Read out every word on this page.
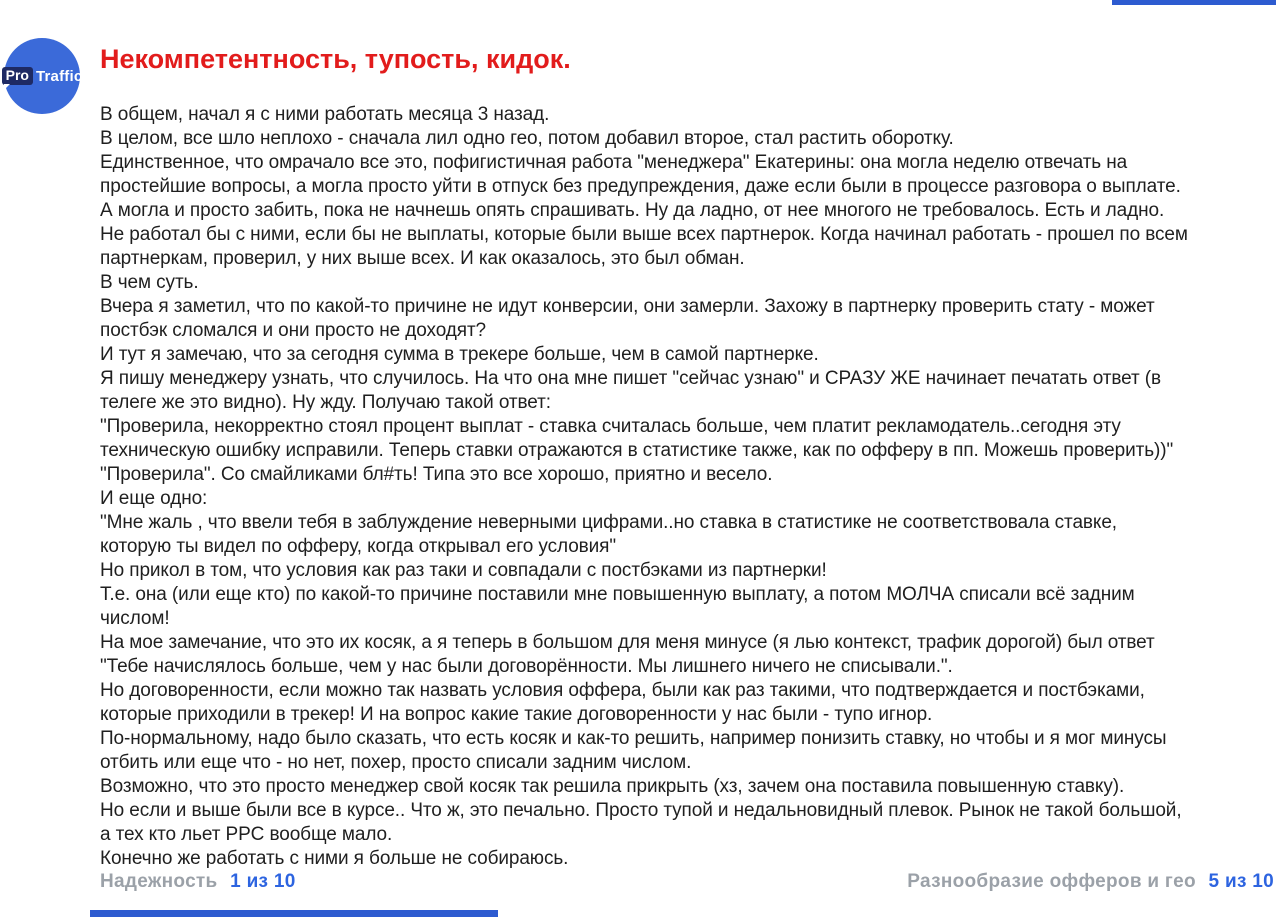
Pro Traffic
Некомпетентность, тупость, кидок.
В общем, начал я с ними работать месяца 3 назад.
В целом, все шло неплохо - сначала лил одно гео, потом добавил второе, стал растить оборотку.
Единственное, что омрачало все это, пофигистичная работа "менеджера" Екатерины: она могла неделю отвечать на
простейшие вопросы, а могла просто уйти в отпуск без предупреждения, даже если были в процессе разговора о выплате.
А могла и просто забить, пока не начнешь опять спрашивать. Ну да ладно, от нее многого не требовалось. Есть и ладно.
Не работал бы с ними, если бы не выплаты, которые были выше всех партнерок. Когда начинал работать - прошел по всем
партнеркам, проверил, у них выше всех. И как оказалось, это был обман.
В чем суть.
Вчера я заметил, что по какой-то причине не идут конверсии, они замерли. Захожу в партнерку проверить стату - может
постбэк сломался и они просто не доходят?
И тут я замечаю, что за сегодня сумма в трекере больше, чем в самой партнерке.
Я пишу менеджеру узнать, что случилось. На что она мне пишет "сейчас узнаю" и СРАЗУ ЖЕ начинает печатать ответ (в
телеге же это видно). Ну жду. Получаю такой ответ:
"Проверила, некорректно стоял процент выплат - ставка считалась больше, чем платит рекламодатель..сегодня эту
техническую ошибку исправили. Теперь ставки отражаются в статистике также, как по офферу в пп. Можешь проверить))"
"Проверила". Со смайликами бл#ть! Типа это все хорошо, приятно и весело.
И еще одно:
"Мне жаль , что ввели тебя в заблуждение неверными цифрами..но ставка в статистике не соответствовала ставке,
которую ты видел по офферу, когда открывал его условия"
Но прикол в том, что условия как раз таки и совпадали с постбэками из партнерки!
Т.е. она (или еще кто) по какой-то причине поставили мне повышенную выплату, а потом МОЛЧА списали всё задним
числом!
На мое замечание, что это их косяк, а я теперь в большом для меня минусе (я лью контекст, трафик дорогой) был ответ
"Тебе начислялось больше, чем у нас были договорённости. Мы лишнего ничего не списывали.".
Но договоренности, если можно так назвать условия оффера, были как раз такими, что подтверждается и постбэками,
которые приходили в трекер! И на вопрос какие такие договоренности у нас были - тупо игнор.
По-нормальному, надо было сказать, что есть косяк и как-то решить, например понизить ставку, но чтобы и я мог минусы
отбить или еще что - но нет, похер, просто списали задним числом.
Возможно, что это просто менеджер свой косяк так решила прикрыть (хз, зачем она поставила повышенную ставку).
Но если и выше были все в курсе.. Что ж, это печально. Просто тупой и недальновидный плевок. Рынок не такой большой,
а тех кто льет PPC вообще мало.
Конечно же работать с ними я больше не собираюсь.
Надежность 1 из 10	Разнообразие офферов и гео 5 из 10
